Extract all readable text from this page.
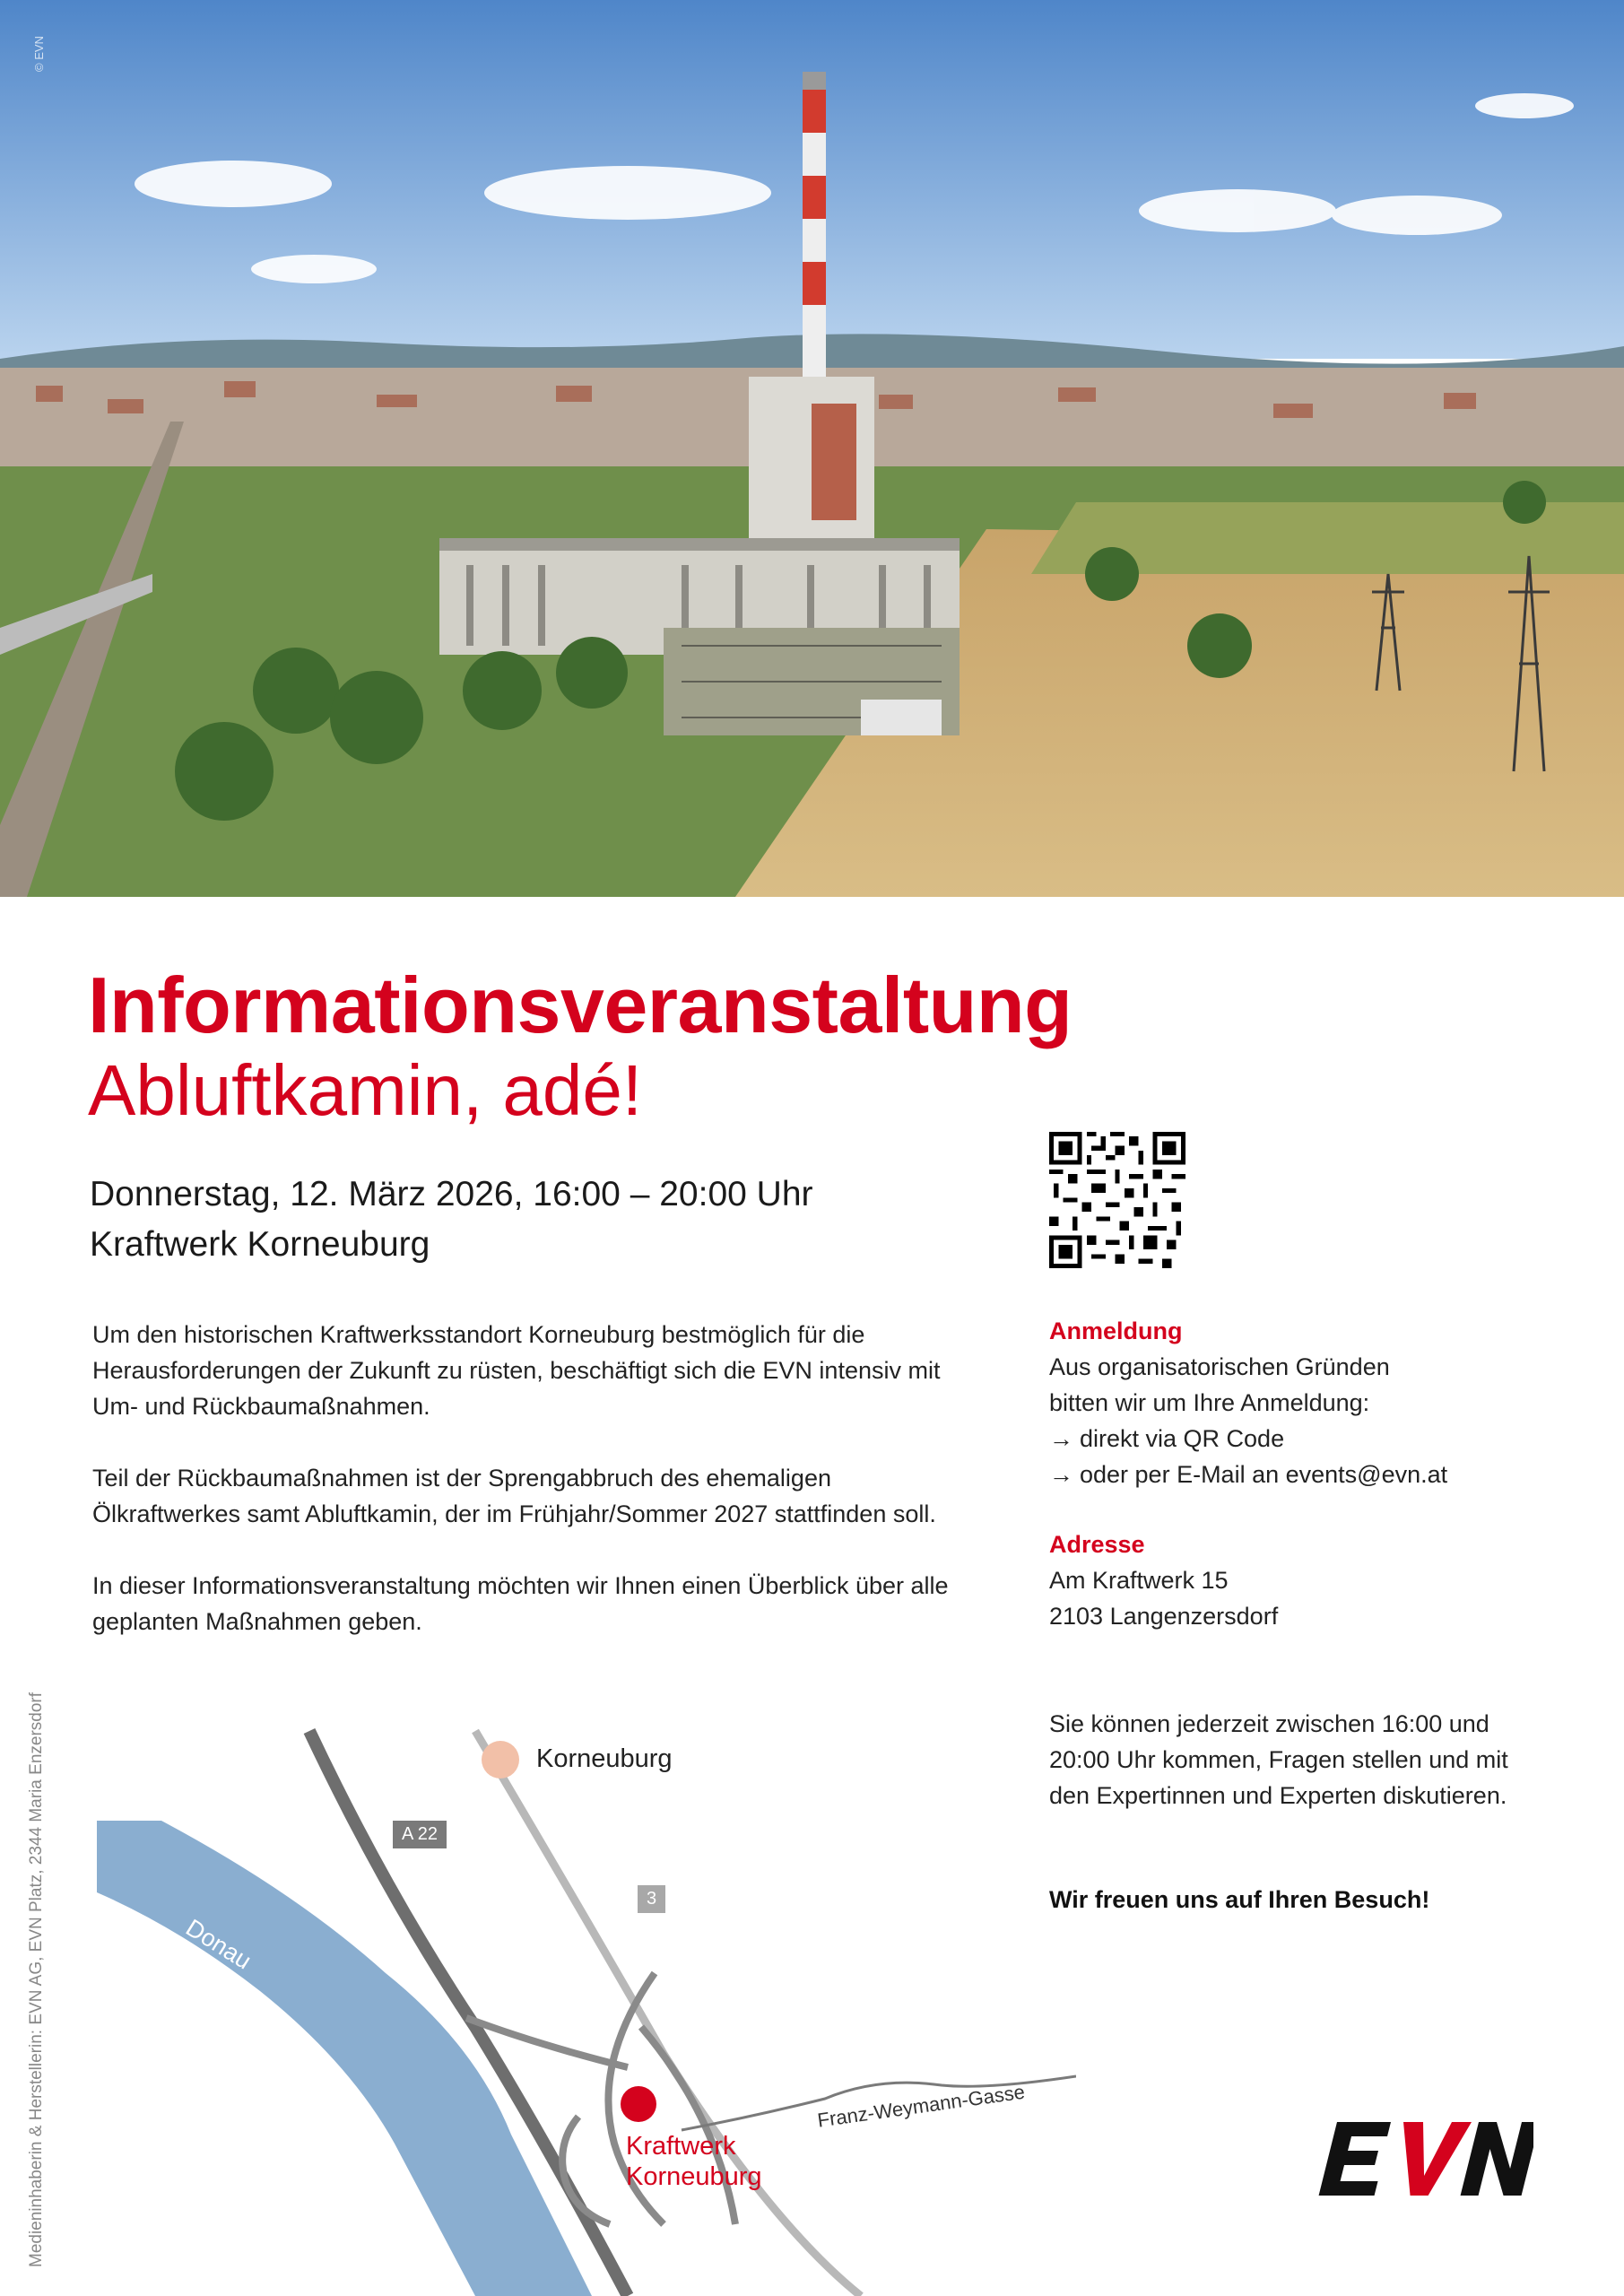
© EVN
Informationsveranstaltung
Abluftkamin, adé!
Donnerstag, 12. März 2026, 16:00 – 20:00 Uhr
Kraftwerk Korneuburg

Um den historischen Kraftwerksstandort Korneuburg bestmöglich für die Herausforderungen der Zukunft zu rüsten, beschäftigt sich die EVN intensiv mit Um- und Rückbaumaßnahmen.

Teil der Rückbaumaßnahmen ist der Sprengabbruch des ehemaligen Ölkraftwerkes samt Abluftkamin, der im Frühjahr/Sommer 2027 stattfinden soll.

In dieser Informationsveranstaltung möchten wir Ihnen einen Überblick über alle geplanten Maßnahmen geben.

Anmeldung
Aus organisatorischen Gründen
bitten wir um Ihre Anmeldung:
→ direkt via QR Code
→ oder per E-Mail an events@evn.at
Adresse
Am Kraftwerk 15
2103 Langenzersdorf
Sie können jederzeit zwischen 16:00 und 20:00 Uhr kommen, Fragen stellen und mit den Expertinnen und Experten diskutieren.
Wir freuen uns auf Ihren Besuch!
Korneuburg
A 22
3
Donau
Franz-Weymann-Gasse
Kraftwerk
Korneuburg
Medieninhaberin & Herstellerin: EVN AG, EVN Platz, 2344 Maria Enzersdorf
